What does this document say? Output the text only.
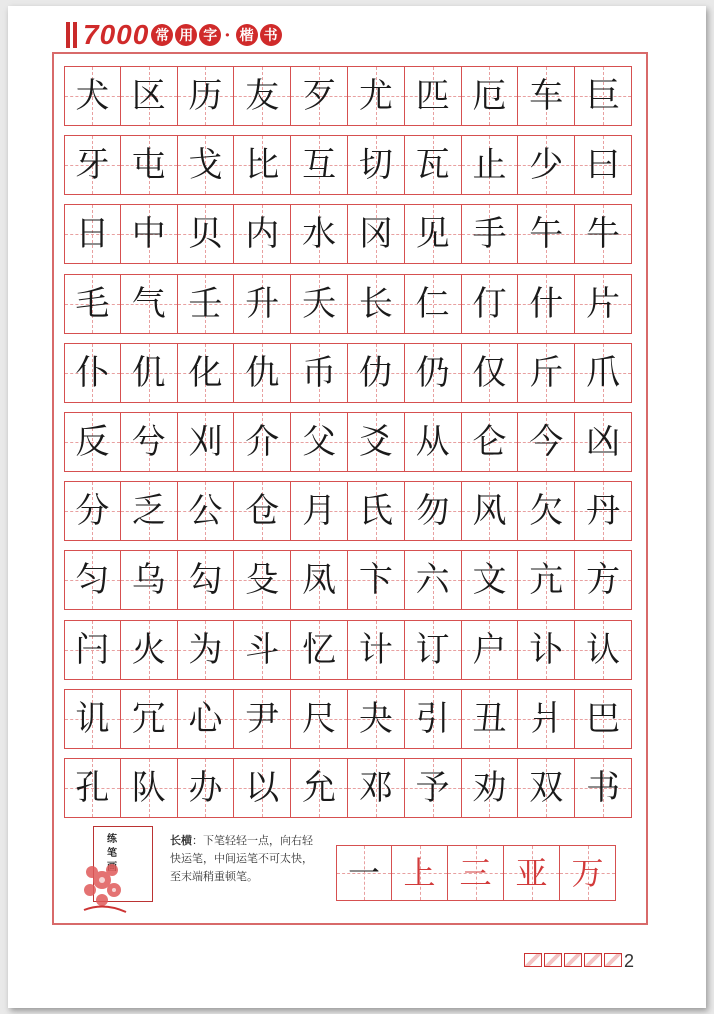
7000 常 用 字 · 楷 书
犬 区 历 友 歹 尤 匹 厄 车 巨
牙 屯 戈 比 互 切 瓦 止 少 曰
日 中 贝 内 水 冈 见 手 午 牛
毛 气 壬 升 夭 长 仁 仃 什 片
仆 仉 化 仇 币 仂 仍 仅 斤 爪
反 兮 刈 介 父 爻 从 仑 今 凶
分 乏 公 仓 月 氏 勿 风 欠 丹
匀 乌 勾 殳 凤 卞 六 文 亢 方
闩 火 为 斗 忆 计 订 户 讣 认
讥 冗 心 尹 尺 夬 引 丑 爿 巴
孔 队 办 以 允 邓 予 劝 双 书
练
笔
长横：下笔轻轻一点，向右轻快运笔，中间运笔不可太快，至末端稍重顿笔。	一 上 三 亚 万
2
